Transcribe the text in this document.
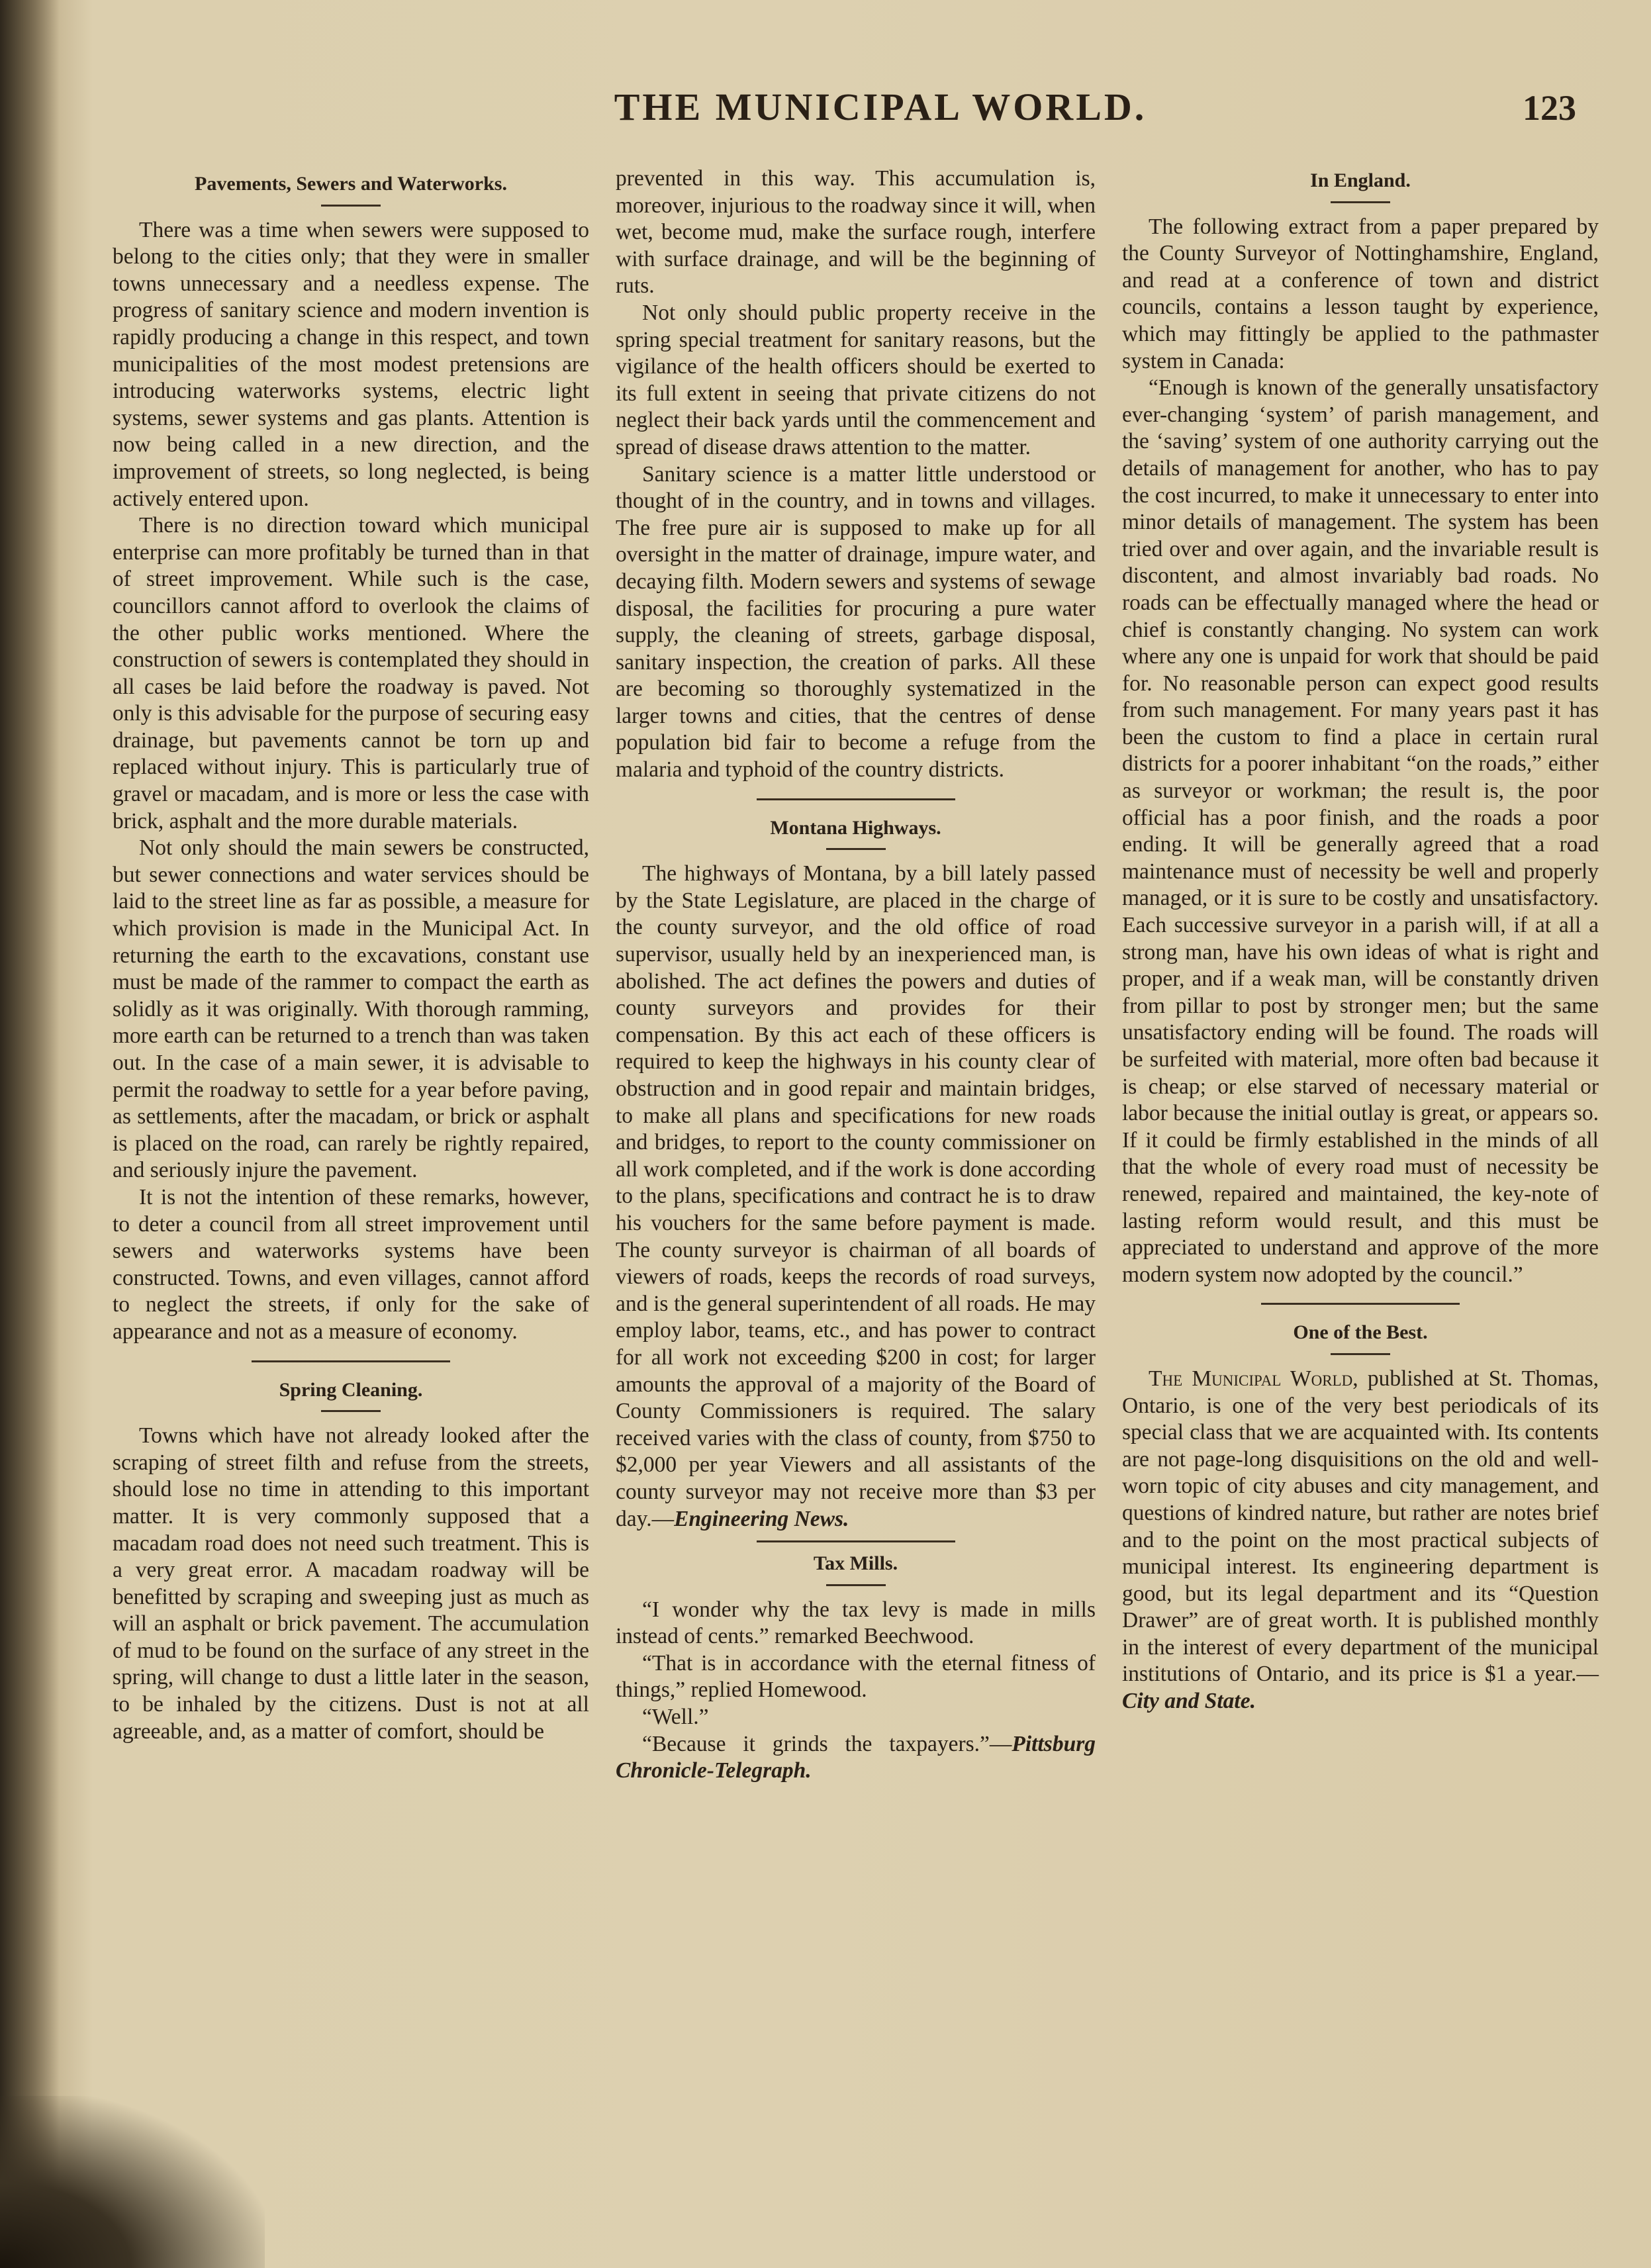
THE MUNICIPAL WORLD.	123
Pavements, Sewers and Waterworks.

There was a time when sewers were supposed to belong to the cities only; that they were in smaller towns unnecessary and a needless expense. The progress of sanitary science and modern invention is rapidly producing a change in this respect, and town municipalities of the most modest pretensions are introducing waterworks systems, electric light systems, sewer systems and gas plants. Attention is now being called in a new direction, and the improvement of streets, so long neglected, is being actively entered upon.

There is no direction toward which municipal enterprise can more profitably be turned than in that of street improvement. While such is the case, councillors cannot afford to overlook the claims of the other public works mentioned. Where the construction of sewers is contemplated they should in all cases be laid before the roadway is paved. Not only is this advisable for the purpose of securing easy drainage, but pavements cannot be torn up and replaced without injury. This is particularly true of gravel or macadam, and is more or less the case with brick, asphalt and the more durable materials.

Not only should the main sewers be constructed, but sewer connections and water services should be laid to the street line as far as possible, a measure for which provision is made in the Municipal Act. In returning the earth to the excavations, constant use must be made of the rammer to compact the earth as solidly as it was originally. With thorough ramming, more earth can be returned to a trench than was taken out. In the case of a main sewer, it is advisable to permit the roadway to settle for a year before paving, as settlements, after the macadam, or brick or asphalt is placed on the road, can rarely be rightly repaired, and seriously injure the pavement.

It is not the intention of these remarks, however, to deter a council from all street improvement until sewers and waterworks systems have been constructed. Towns, and even villages, cannot afford to neglect the streets, if only for the sake of appearance and not as a measure of economy.

Spring Cleaning.

Towns which have not already looked after the scraping of street filth and refuse from the streets, should lose no time in attending to this important matter. It is very commonly supposed that a macadam road does not need such treatment. This is a very great error. A macadam roadway will be benefitted by scraping and sweeping just as much as will an asphalt or brick pavement. The accumulation of mud to be found on the surface of any street in the spring, will change to dust a little later in the season, to be inhaled by the citizens. Dust is not at all agreeable, and, as a matter of comfort, should be

prevented in this way. This accumulation is, moreover, injurious to the roadway since it will, when wet, become mud, make the surface rough, interfere with surface drainage, and will be the beginning of ruts.

Not only should public property receive in the spring special treatment for sanitary reasons, but the vigilance of the health officers should be exerted to its full extent in seeing that private citizens do not neglect their back yards until the commencement and spread of disease draws attention to the matter.

Sanitary science is a matter little understood or thought of in the country, and in towns and villages. The free pure air is supposed to make up for all oversight in the matter of drainage, impure water, and decaying filth. Modern sewers and systems of sewage disposal, the facilities for procuring a pure water supply, the cleaning of streets, garbage disposal, sanitary inspection, the creation of parks. All these are becoming so thoroughly systematized in the larger towns and cities, that the centres of dense population bid fair to become a refuge from the malaria and typhoid of the country districts.

Montana Highways.

The highways of Montana, by a bill lately passed by the State Legislature, are placed in the charge of the county surveyor, and the old office of road supervisor, usually held by an inexperienced man, is abolished. The act defines the powers and duties of county surveyors and provides for their compensation. By this act each of these officers is required to keep the highways in his county clear of obstruction and in good repair and maintain bridges, to make all plans and specifications for new roads and bridges, to report to the county commissioner on all work completed, and if the work is done according to the plans, specifications and contract he is to draw his vouchers for the same before payment is made. The county surveyor is chairman of all boards of viewers of roads, keeps the records of road surveys, and is the general superintendent of all roads. He may employ labor, teams, etc., and has power to contract for all work not exceeding $200 in cost; for larger amounts the approval of a majority of the Board of County Commissioners is required. The salary received varies with the class of county, from $750 to $2,000 per year Viewers and all assistants of the county surveyor may not receive more than $3 per day.—Engineering News.

Tax Mills.

“I wonder why the tax levy is made in mills instead of cents.” remarked Beechwood.

“That is in accordance with the eternal fitness of things,” replied Homewood.

“Well.”

“Because it grinds the taxpayers.”—Pittsburg Chronicle-Telegraph.

In England.

The following extract from a paper prepared by the County Surveyor of Nottinghamshire, England, and read at a conference of town and district councils, contains a lesson taught by experience, which may fittingly be applied to the pathmaster system in Canada:

“Enough is known of the generally unsatisfactory ever-changing ‘system’ of parish management, and the ‘saving’ system of one authority carrying out the details of management for another, who has to pay the cost incurred, to make it unnecessary to enter into minor details of management. The system has been tried over and over again, and the invariable result is discontent, and almost invariably bad roads. No roads can be effectually managed where the head or chief is constantly changing. No system can work where any one is unpaid for work that should be paid for. No reasonable person can expect good results from such management. For many years past it has been the custom to find a place in certain rural districts for a poorer inhabitant “on the roads,” either as surveyor or workman; the result is, the poor official has a poor finish, and the roads a poor ending. It will be generally agreed that a road maintenance must of necessity be well and properly managed, or it is sure to be costly and unsatisfactory. Each successive surveyor in a parish will, if at all a strong man, have his own ideas of what is right and proper, and if a weak man, will be constantly driven from pillar to post by stronger men; but the same unsatisfactory ending will be found. The roads will be surfeited with material, more often bad because it is cheap; or else starved of necessary material or labor because the initial outlay is great, or appears so. If it could be firmly established in the minds of all that the whole of every road must of necessity be renewed, repaired and maintained, the key-note of lasting reform would result, and this must be appreciated to understand and approve of the more modern system now adopted by the council.”

One of the Best.

The Municipal World, published at St. Thomas, Ontario, is one of the very best periodicals of its special class that we are acquainted with. Its contents are not page-long disquisitions on the old and well-worn topic of city abuses and city management, and questions of kindred nature, but rather are notes brief and to the point on the most practical subjects of municipal interest. Its engineering department is good, but its legal department and its “Question Drawer” are of great worth. It is published monthly in the interest of every department of the municipal institutions of Ontario, and its price is $1 a year.—City and State.
